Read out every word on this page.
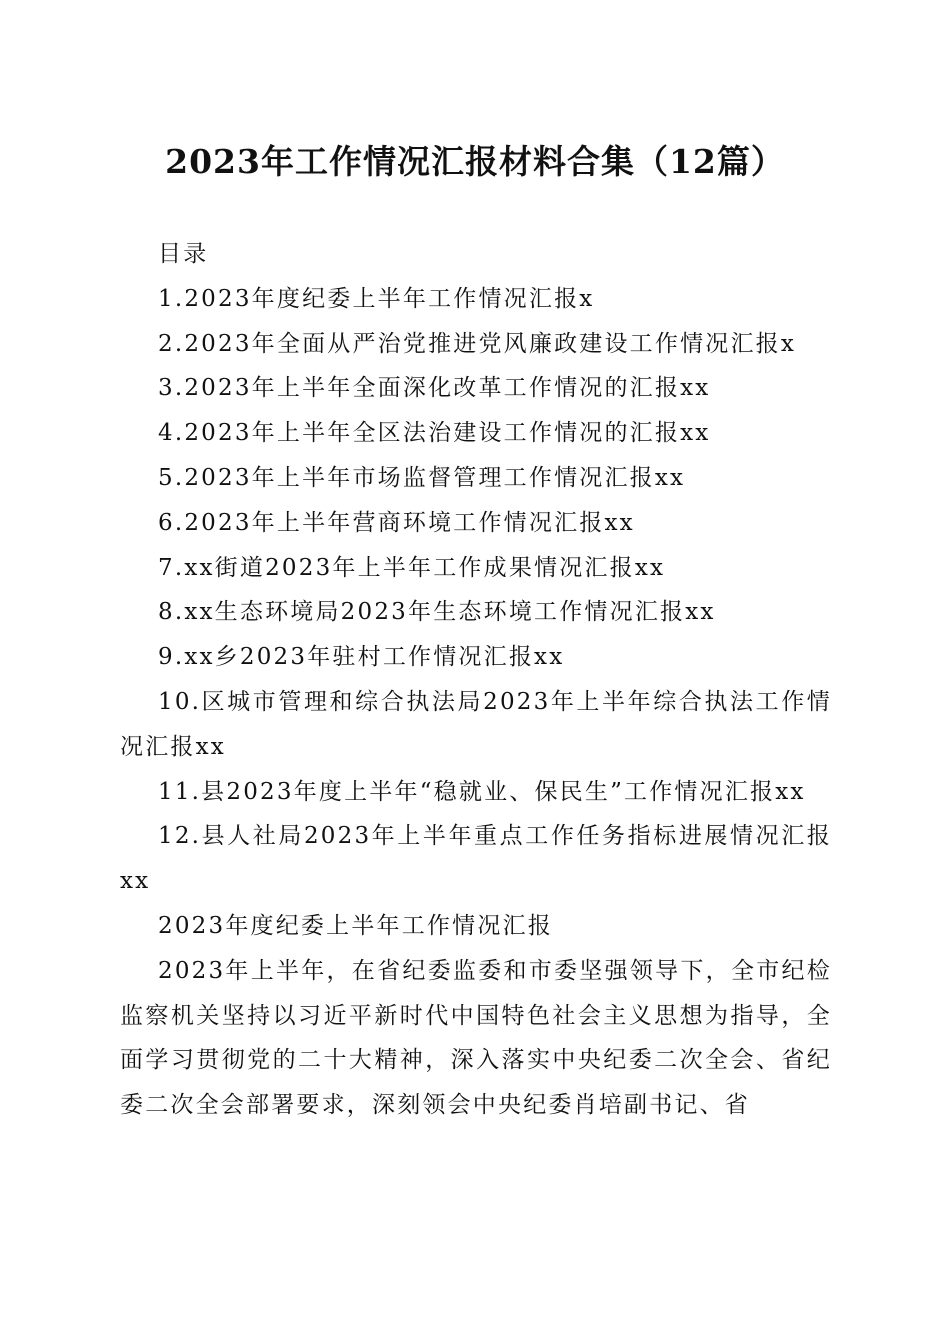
2023年工作情况汇报材料合集（12篇）

目录

1.2023年度纪委上半年工作情况汇报x

2.2023年全面从严治党推进党风廉政建设工作情况汇报x

3.2023年上半年全面深化改革工作情况的汇报xx

4.2023年上半年全区法治建设工作情况的汇报xx

5.2023年上半年市场监督管理工作情况汇报xx

6.2023年上半年营商环境工作情况汇报xx

7.xx街道2023年上半年工作成果情况汇报xx

8.xx生态环境局2023年生态环境工作情况汇报xx

9.xx乡2023年驻村工作情况汇报xx

10.区城市管理和综合执法局2023年上半年综合执法工作情况汇报xx

11.县2023年度上半年“稳就业、保民生”工作情况汇报xx

12.县人社局2023年上半年重点工作任务指标进展情况汇报xx

2023年度纪委上半年工作情况汇报

2023年上半年，在省纪委监委和市委坚强领导下，全市纪检监察机关坚持以习近平新时代中国特色社会主义思想为指导，全面学习贯彻党的二十大精神，深入落实中央纪委二次全会、省纪委二次全会部署要求，深刻领会中央纪委肖培副书记、省
